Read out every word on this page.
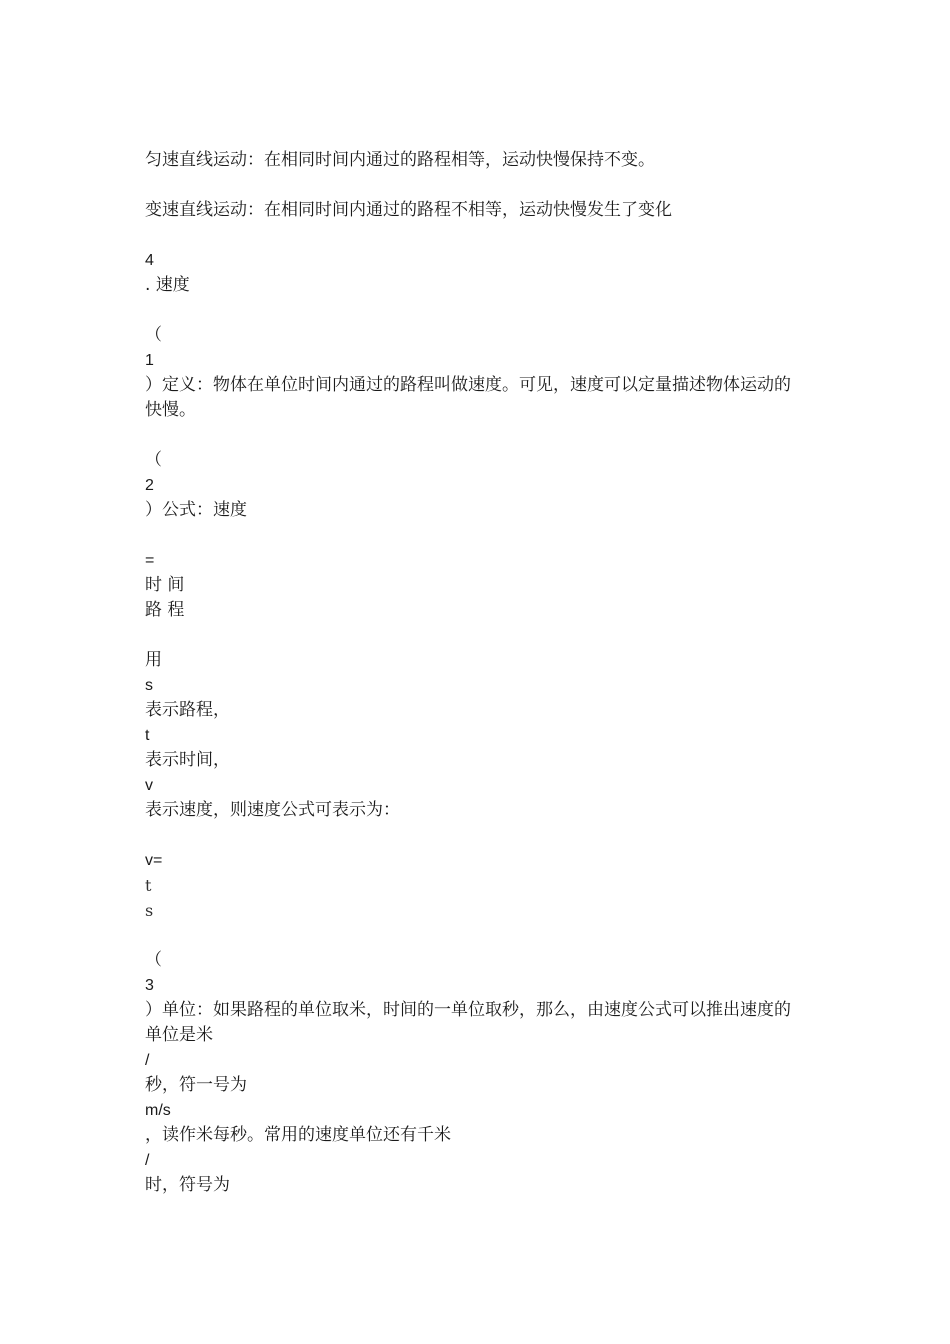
匀速直线运动：在相同时间内通过的路程相等，运动快慢保持不变。
变速直线运动：在相同时间内通过的路程不相等，运动快慢发生了变化
4
. 速度
（
1
）定义：物体在单位时间内通过的路程叫做速度。可见，速度可以定量描述物体运动的
快慢。
（
2
）公式：速度
=
时 间
路 程
用
s
表示路程，
t
表示时间，
v
表示速度，则速度公式可表示为：
v=
t
s
（
3
）单位：如果路程的单位取米，时间的一单位取秒，那么，由速度公式可以推出速度的
单位是米
/
秒，符一号为
m/s
，读作米每秒。常用的速度单位还有千米
/
时，符号为
